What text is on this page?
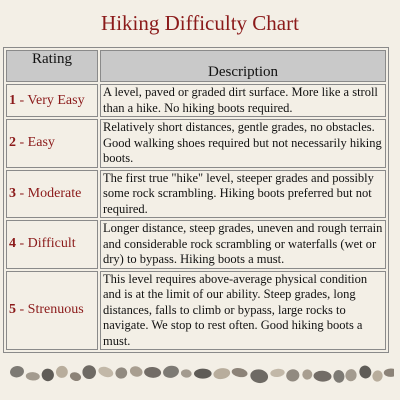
Hiking Difficulty Chart
Rating	Description
1 - Very Easy	A level, paved or graded dirt surface. More like a stroll than a hike. No hiking boots required.
2 - Easy	Relatively short distances, gentle grades, no obstacles. Good walking shoes required but not necessarily hiking boots.
3 - Moderate	The first true "hike" level, steeper grades and possibly some rock scrambling. Hiking boots preferred but not required.
4 - Difficult	Longer distance, steep grades, uneven and rough terrain and considerable rock scrambling or waterfalls (wet or dry) to bypass. Hiking boots a must.
5 - Strenuous	This level requires above-average physical condition and is at the limit of our ability. Steep grades, long distances, falls to climb or bypass, large rocks to navigate. We stop to rest often. Good hiking boots a must.
